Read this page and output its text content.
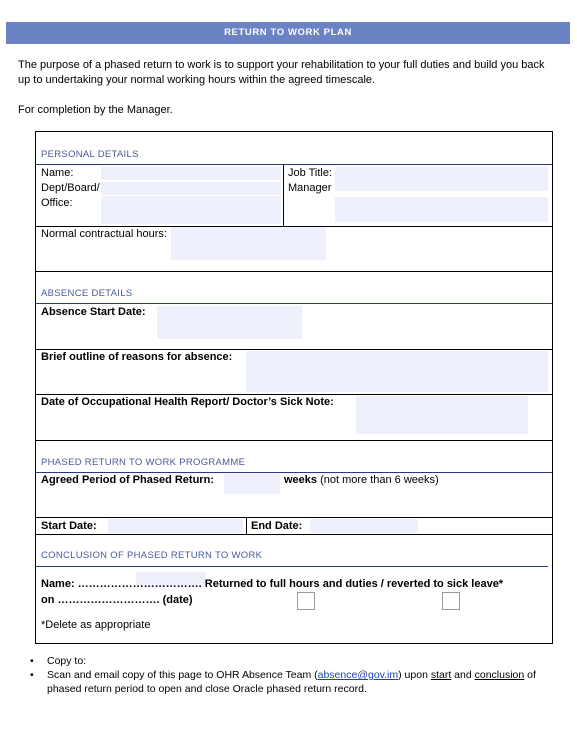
RETURN TO WORK PLAN
The purpose of a phased return to work is to support your rehabilitation to your full duties and build you back
up to undertaking your normal working hours within the agreed timescale.
For completion by the Manager.
PERSONAL DETAILS
Name:
Dept/Board/
Office:
Job Title:
Manager
Normal contractual hours:
ABSENCE DETAILS
Absence Start Date:
Brief outline of reasons for absence:
Date of Occupational Health Report/ Doctor’s Sick Note:
PHASED RETURN TO WORK PROGRAMME
Agreed Period of Phased Return:	weeks (not more than 6 weeks)
Start Date:	End Date:
CONCLUSION OF PHASED RETURN TO WORK
Name: ……………………………. Returned to full hours and duties / reverted to sick leave*
on ………………………. (date)
*Delete as appropriate
• Copy to:
• Scan and email copy of this page to OHR Absence Team (absence@gov.im) upon start and conclusion of
phased return period to open and close Oracle phased return record.
